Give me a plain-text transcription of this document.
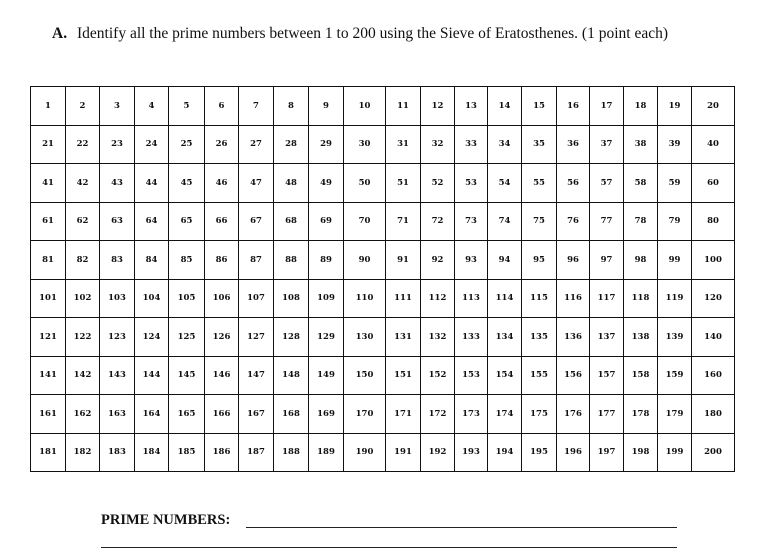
A. Identify all the prime numbers between 1 to 200 using the Sieve of Eratosthenes. (1 point each)
1	2	3	4	5	6	7	8	9	10	11	12	13	14	15	16	17	18	19	20
21	22	23	24	25	26	27	28	29	30	31	32	33	34	35	36	37	38	39	40
41	42	43	44	45	46	47	48	49	50	51	52	53	54	55	56	57	58	59	60
61	62	63	64	65	66	67	68	69	70	71	72	73	74	75	76	77	78	79	80
81	82	83	84	85	86	87	88	89	90	91	92	93	94	95	96	97	98	99	100
101	102	103	104	105	106	107	108	109	110	111	112	113	114	115	116	117	118	119	120
121	122	123	124	125	126	127	128	129	130	131	132	133	134	135	136	137	138	139	140
141	142	143	144	145	146	147	148	149	150	151	152	153	154	155	156	157	158	159	160
161	162	163	164	165	166	167	168	169	170	171	172	173	174	175	176	177	178	179	180
181	182	183	184	185	186	187	188	189	190	191	192	193	194	195	196	197	198	199	200
PRIME NUMBERS:
